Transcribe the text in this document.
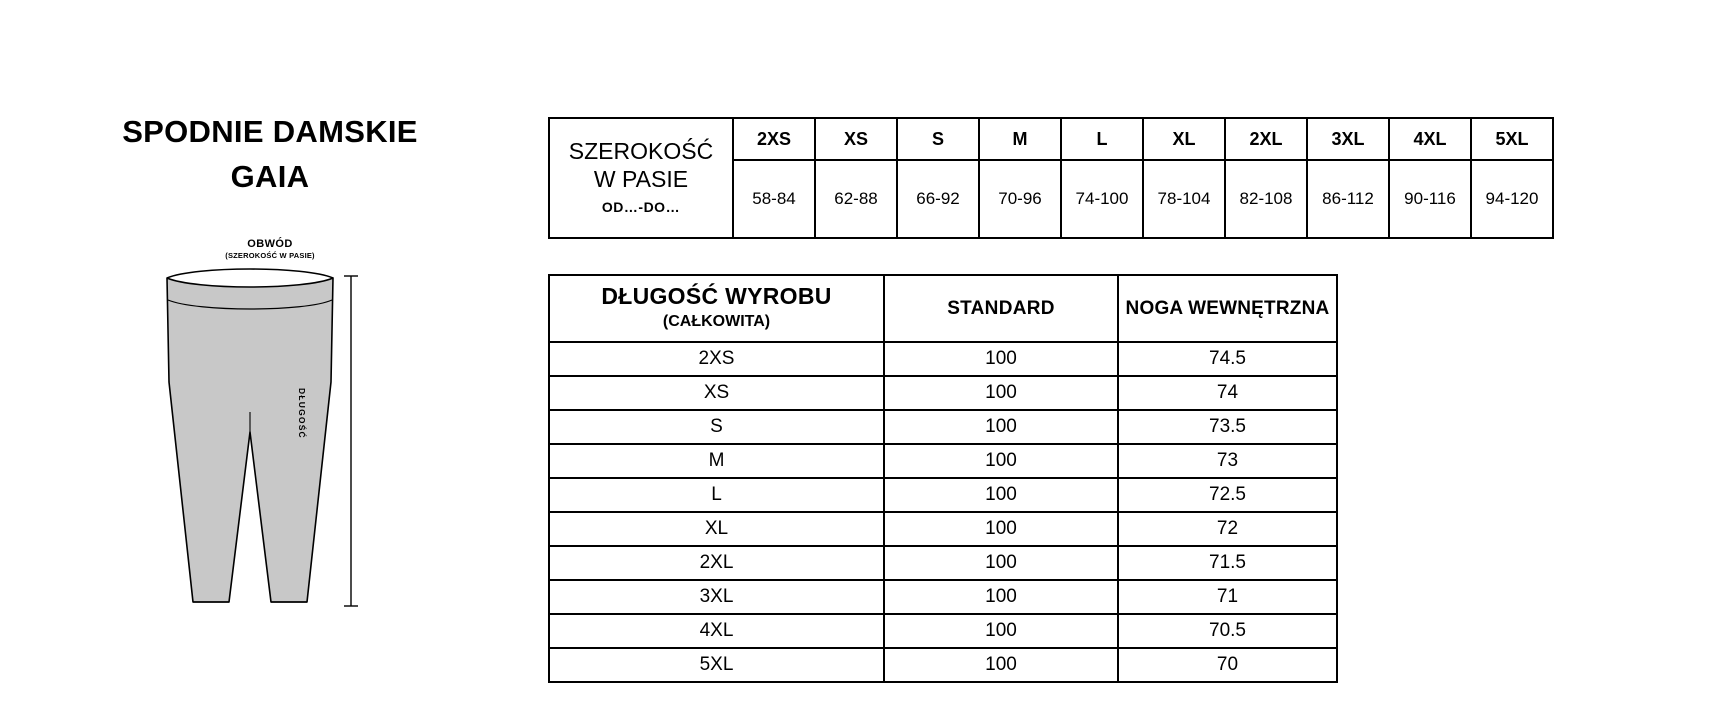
SPODNIE DAMSKIE
GAIA
OBWÓD
(SZEROKOŚĆ W PASIE)
DŁUGOŚĆ
SZEROKOŚĆ
W PASIE
OD…-DO…	2XS	XS	S	M	L	XL	2XL	3XL	4XL	5XL
	58-84	62-88	66-92	70-96	74-100	78-104	82-108	86-112	90-116	94-120
DŁUGOŚĆ WYROBU
(CAŁKOWITA)	STANDARD	NOGA WEWNĘTRZNA
2XS	100	74.5
XS	100	74
S	100	73.5
M	100	73
L	100	72.5
XL	100	72
2XL	100	71.5
3XL	100	71
4XL	100	70.5
5XL	100	70
